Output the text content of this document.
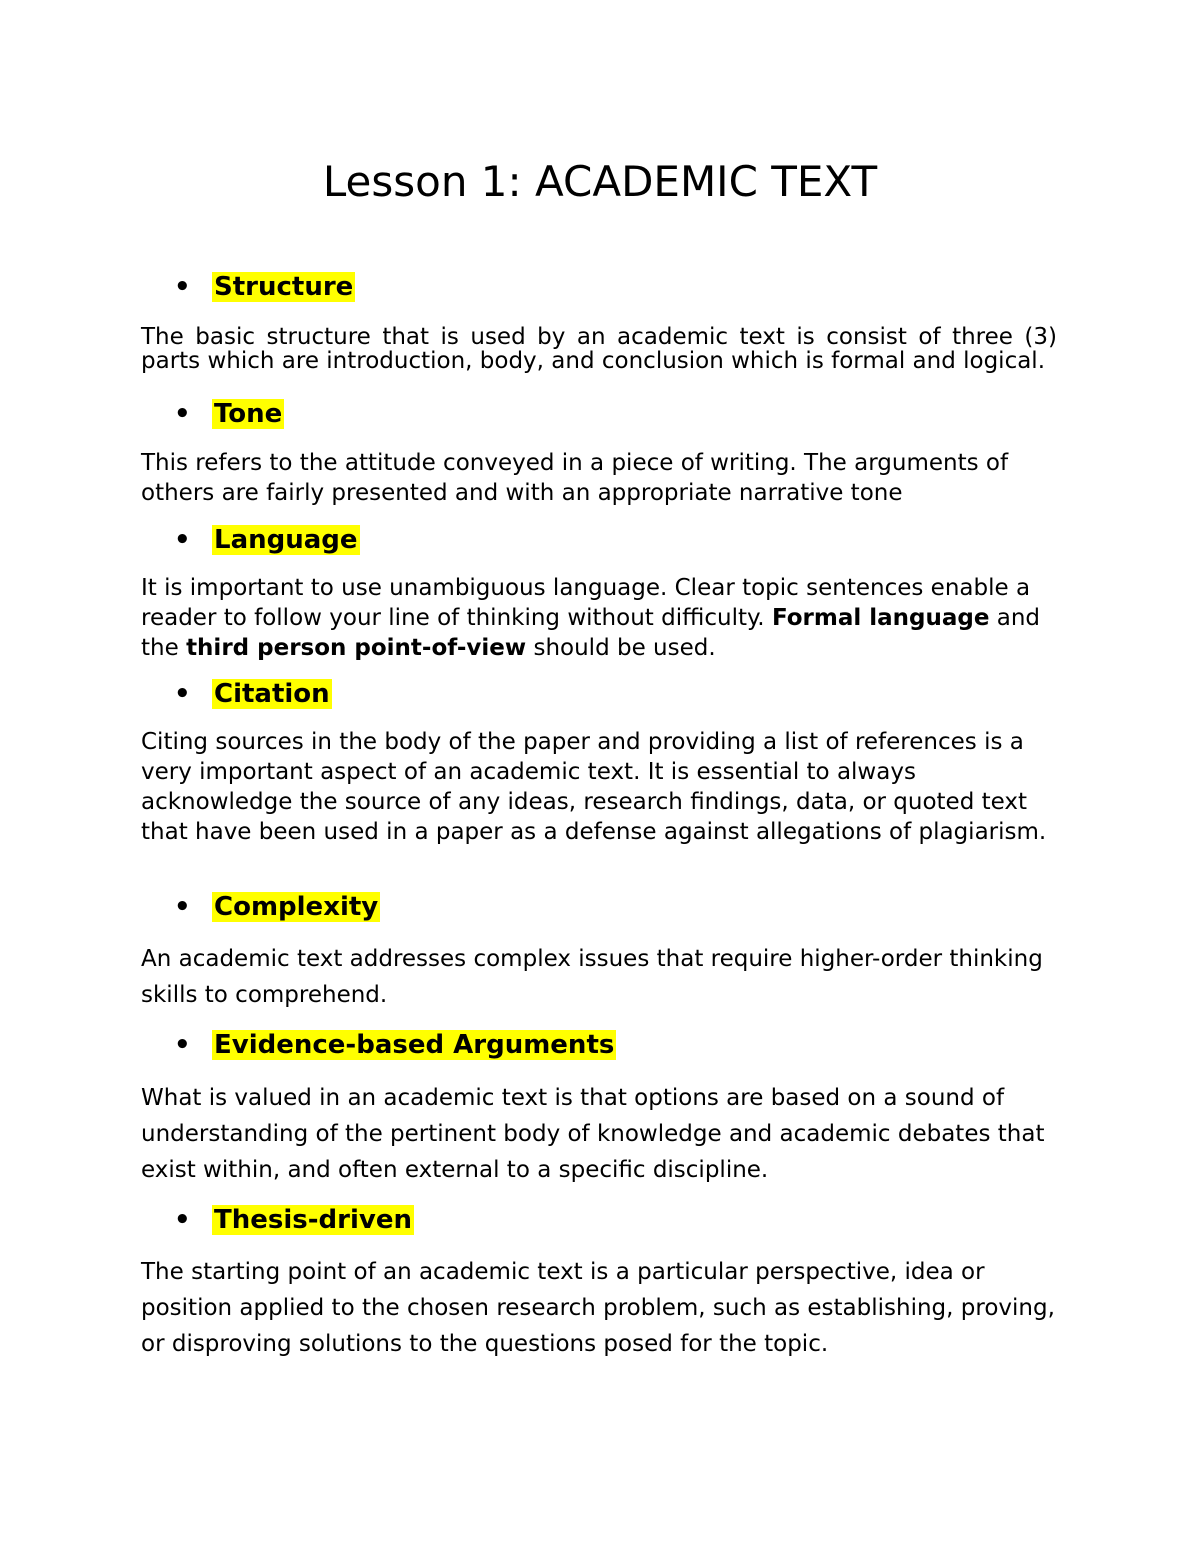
Lesson 1: ACADEMIC TEXT
• Structure

The basic structure that is used by an academic text is consist of three (3) parts which are introduction, body, and conclusion which is formal and logical.

• Tone

This refers to the attitude conveyed in a piece of writing. The arguments of others are fairly presented and with an appropriate narrative tone

• Language

It is important to use unambiguous language. Clear topic sentences enable a reader to follow your line of thinking without difficulty. Formal language and the third person point-of-view should be used.

• Citation

Citing sources in the body of the paper and providing a list of references is a very important aspect of an academic text. It is essential to always acknowledge the source of any ideas, research findings, data, or quoted text that have been used in a paper as a defense against allegations of plagiarism.

• Complexity

An academic text addresses complex issues that require higher-order thinking skills to comprehend.

• Evidence-based Arguments

What is valued in an academic text is that options are based on a sound of understanding of the pertinent body of knowledge and academic debates that exist within, and often external to a specific discipline.

• Thesis-driven

The starting point of an academic text is a particular perspective, idea or position applied to the chosen research problem, such as establishing, proving, or disproving solutions to the questions posed for the topic.
